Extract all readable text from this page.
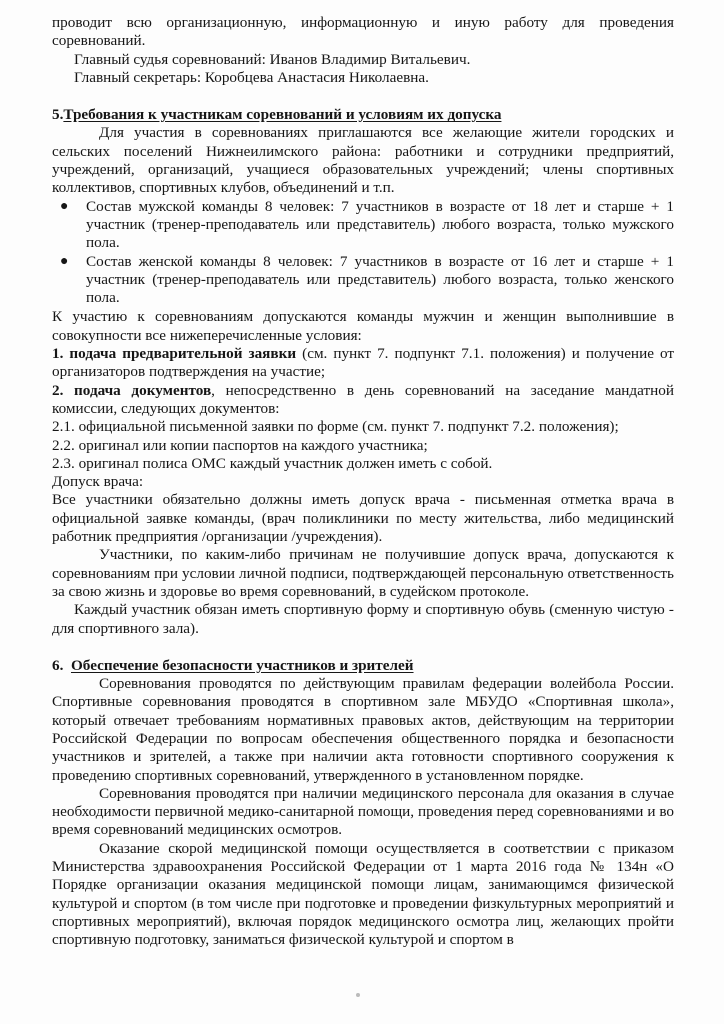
проводит всю организационную, информационную и иную работу для проведения соревнований.

Главный судья соревнований: Иванов Владимир Витальевич.

Главный секретарь: Коробцева Анастасия Николаевна.

5.Требования к участникам соревнований и условиям их допуска

Для участия в соревнованиях приглашаются все желающие жители городских и сельских поселений Нижнеилимского района: работники и сотрудники предприятий, учреждений, организаций, учащиеся образовательных учреждений; члены спортивных коллективов, спортивных клубов, объединений и т.п.

● Состав мужской команды 8 человек: 7 участников в возрасте от 18 лет и старше + 1 участник (тренер-преподаватель или представитель) любого возраста, только мужского пола.
● Состав женской команды 8 человек: 7 участников в возрасте от 16 лет и старше + 1 участник (тренер-преподаватель или представитель) любого возраста, только женского пола.

К участию к соревнованиям допускаются команды мужчин и женщин выполнившие в совокупности все нижеперечисленные условия:

1. подача предварительной заявки (см. пункт 7. подпункт 7.1. положения) и получение от организаторов подтверждения на участие;

2. подача документов, непосредственно в день соревнований на заседание мандатной комиссии, следующих документов:

2.1. официальной письменной заявки по форме (см. пункт 7. подпункт 7.2. положения);

2.2. оригинал или копии паспортов на каждого участника;

2.3. оригинал полиса ОМС каждый участник должен иметь с собой.

Допуск врача:

Все участники обязательно должны иметь допуск врача - письменная отметка врача в официальной заявке команды, (врач поликлиники по месту жительства, либо медицинский работник предприятия /организации /учреждения).

Участники, по каким-либо причинам не получившие допуск врача, допускаются к соревнованиям при условии личной подписи, подтверждающей персональную ответственность за свою жизнь и здоровье во время соревнований, в судейском протоколе.

Каждый участник обязан иметь спортивную форму и спортивную обувь (сменную чистую - для спортивного зала).

6. Обеспечение безопасности участников и зрителей

Соревнования проводятся по действующим правилам федерации волейбола России. Спортивные соревнования проводятся в спортивном зале МБУДО «Спортивная школа», который отвечает требованиям нормативных правовых актов, действующим на территории Российской Федерации по вопросам обеспечения общественного порядка и безопасности участников и зрителей, а также при наличии акта готовности спортивного сооружения к проведению спортивных соревнований, утвержденного в установленном порядке.

Соревнования проводятся при наличии медицинского персонала для оказания в случае необходимости первичной медико-санитарной помощи, проведения перед соревнованиями и во время соревнований медицинских осмотров.

Оказание скорой медицинской помощи осуществляется в соответствии с приказом Министерства здравоохранения Российской Федерации от 1 марта 2016 года № 134н «О Порядке организации оказания медицинской помощи лицам, занимающимся физической культурой и спортом (в том числе при подготовке и проведении физкультурных мероприятий и спортивных мероприятий), включая порядок медицинского осмотра лиц, желающих пройти спортивную подготовку, заниматься физической культурой и спортом в
